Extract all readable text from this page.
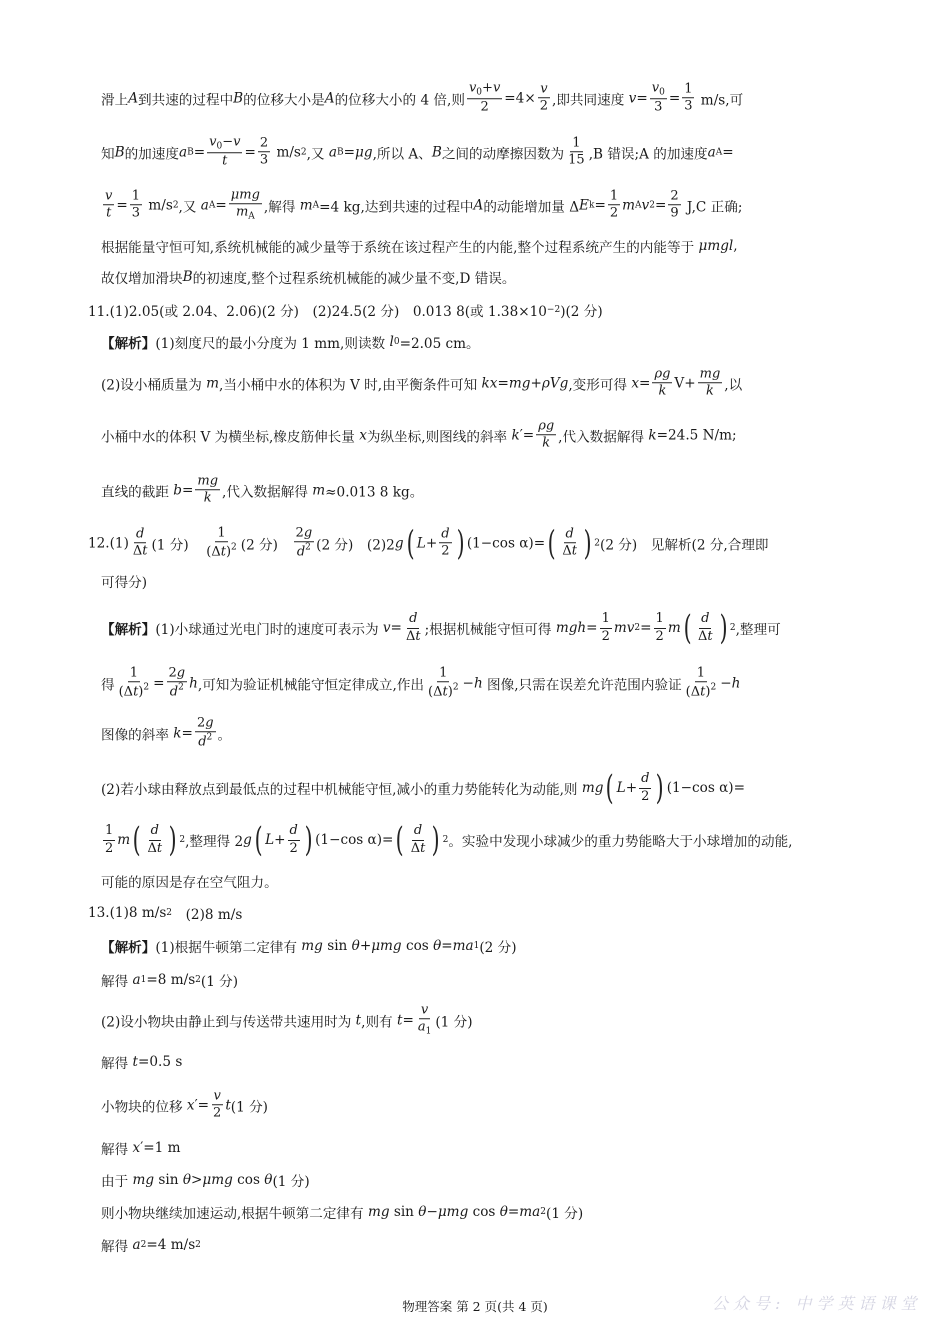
滑上 A 到共速的过程中 B 的位移大小是 A 的位移大小的 4 倍,则 $\frac{v_0+v}{2} =4\times \frac{v}{2}$ ,即共同速度 $v = \frac{v_0}{3} = \frac{1}{3} m/s$,可
知 B 的加速度 a $B = \frac{v_0-v}{t} = \frac{2}{3} m/s$ 2 ,又 a B = μg ,所以 A、 B 之间的动摩擦因数为 $\frac{1}{15} ,B$ 错误;A 的加速度 a A =
$\frac{v}{t} = \frac{1}{3} m/s$ 2 ,又 a $A = \frac{\text{μmg}}{m_A}$ ,解得 m A =4 kg,达到共速的过程中 A 的动能增加量 Δ E $k = \frac{1}{2}$ m A v $2 = \frac{2}{9} J,C$ 正确;
根据能量守恒可知,系统机械能的减少量等于系统在该过程产生的内能,整个过程系统产生的内能等于 μmgl ,
故仅增加滑块 B 的初速度,整个过程系统机械能的减少量不变,D 错误。
11.(1)2.05(或 2.04、2.06)(2 分)　(2)24.5(2 分)　0.013 8(或 1.38×10 −2 )(2 分)
【解析】 (1)刻度尺的最小分度为 1 mm,则读数 l 0 =2.05 cm。
(2)设小桶质量为 m ,当小桶中水的体积为 V 时,由平衡条件可知 kx = mg + ρVg ,变形可得 $x = \frac{\rho g}{k} V+ \frac{mg}{k}$ ,以
小桶中水的体积 V 为横坐标,橡皮筋伸长量 x 为纵坐标,则图线的斜率 k ′= $\frac{\rho g}{k}$ ,代入数据解得 k =24.5 N/m;
直线的截距 $b = \frac{mg}{k}$ ,代入数据解得 m ≈0.013 8 kg。
$12.(1) \frac{d}{\Delta t} (1$ 分)　 $\frac{1}{(\Delta t)^2} (2$ 分)　 $\frac{2g}{d^2} (2$ 分)　(2)2 g ( $L + \frac{d}{2}$ ) (1−cos α)= ( $\frac{d}{\Delta t}$ ) 2 (2 分)　见解析(2 分,合理即
可得分)
【解析】 (1)小球通过光电门时的速度可表示为 $v = \frac{d}{\Delta t}$ ;根据机械能守恒可得 mgh = $\frac{1}{2}$ mv $2 = \frac{1}{2}$ m ( $\frac{d}{\Delta t}$ ) 2 ,整理可
得 $\frac{1}{(\Delta t)^2} = \frac{2g}{d^2}$ h ,可知为验证机械能守恒定律成立,作出 $\frac{1}{(\Delta t)^2} - h$ 图像,只需在误差允许范围内验证 $\frac{1}{(\Delta t)^2} - h$
图像的斜率 $k = \frac{2g}{d^2}$ 。
(2)若小球由释放点到最低点的过程中机械能守恒,减小的重力势能转化为动能,则 mg ( $L + \frac{d}{2}$ ) (1−cos α)=
$\frac{1}{2}$ m ( $\frac{d}{\Delta t}$ ) 2 ,整理得 2 g ( $L + \frac{d}{2}$ ) (1−cos α)= ( $\frac{d}{\Delta t}$ ) 2 。实验中发现小球减少的重力势能略大于小球增加的动能,
可能的原因是存在空气阻力。
13.(1)8 m/s 2 　(2)8 m/s
【解析】 (1)根据牛顿第二定律有 mg sin θ + μmg cos θ = ma 1 (2 分)
解得 a 1 =8 m/s 2 (1 分)
(2)设小物块由静止到与传送带共速用时为 t ,则有 $t = \frac{v}{a_1} (1$ 分)
解得 t =0.5 s
小物块的位移 x ′= $\frac{v}{2}$ t (1 分)
解得 x ′=1 m
由于 mg sin θ > μmg cos θ (1 分)
则小物块继续加速运动,根据牛顿第二定律有 mg sin θ − μmg cos θ = ma 2 (1 分)
解得 a 2 =4 m/s 2
物理答案 第 2 页(共 4 页)	公众号: 中学英语课堂
